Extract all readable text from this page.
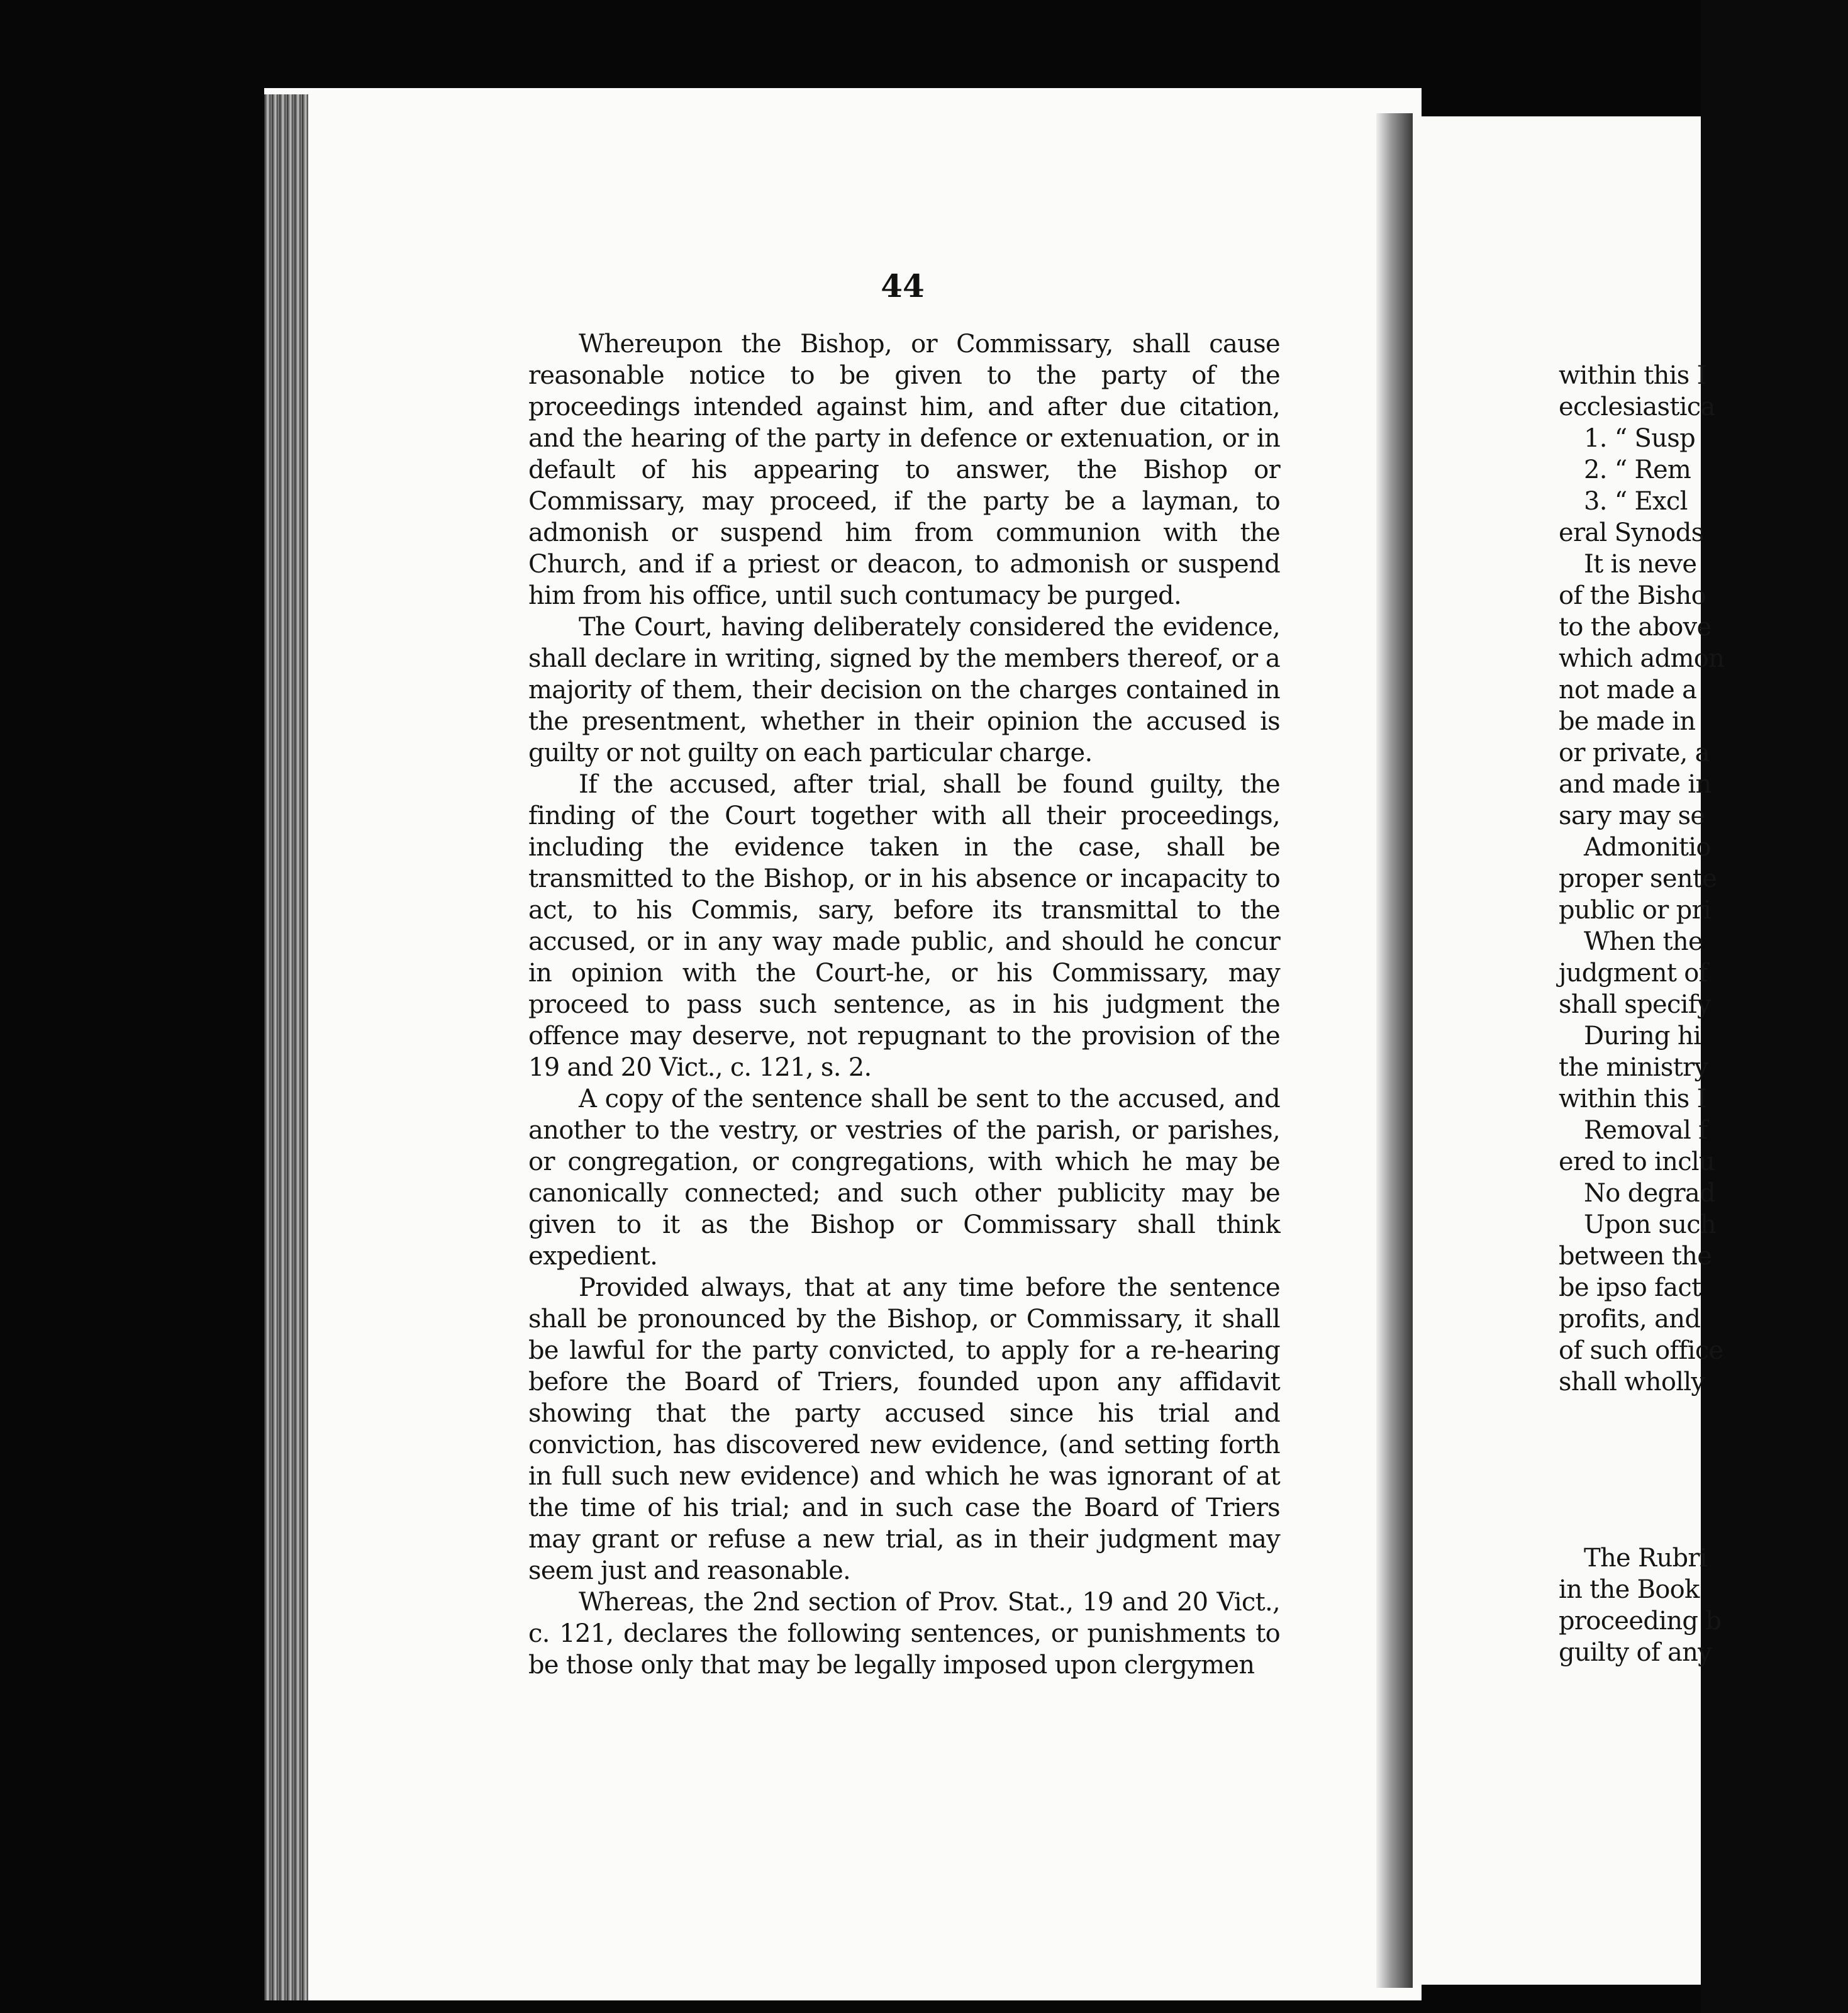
44

Whereupon the Bishop, or Commissary, shall cause reasonable notice to be given to the party of the proceedings intended against him, and after due citation, and the hearing of the party in defence or extenuation, or in default of his appearing to answer, the Bishop or Commissary, may proceed, if the party be a layman, to admonish or suspend him from communion with the Church, and if a priest or deacon, to admonish or suspend him from his office, until such contumacy be purged.

The Court, having deliberately considered the evidence, shall declare in writing, signed by the members thereof, or a majority of them, their decision on the charges contained in the presentment, whether in their opinion the accused is guilty or not guilty on each particular charge.

If the accused, after trial, shall be found guilty, the finding of the Court together with all their proceedings, including the evidence taken in the case, shall be transmitted to the Bishop, or in his absence or incapacity to act, to his Commis, sary, before its transmittal to the accused, or in any way made public, and should he concur in opinion with the Court-he, or his Commissary, may proceed to pass such sentence, as in his judgment the offence may deserve, not repugnant to the provision of the 19 and 20 Vict., c. 121, s. 2.

A copy of the sentence shall be sent to the accused, and another to the vestry, or vestries of the parish, or parishes, or congregation, or congregations, with which he may be canonically connected; and such other publicity may be given to it as the Bishop or Commissary shall think expedient.

Provided always, that at any time before the sentence shall be pronounced by the Bishop, or Commissary, it shall be lawful for the party convicted, to apply for a re-hearing before the Board of Triers, founded upon any affidavit showing that the party accused since his trial and conviction, has discovered new evidence, (and setting forth in full such new evidence) and which he was ignorant of at the time of his trial; and in such case the Board of Triers may grant or refuse a new trial, as in their judgment may seem just and reasonable.

Whereas, the 2nd section of Prov. Stat., 19 and 20 Vict., c. 121, declares the following sentences, or punishments to be those only that may be legally imposed upon clergymen

within this I
ecclesiastica
1. “ Susp
2. “ Rem
3. “ Excl
eral Synods
It is neve
of the Bisho
to the above
which admon
not made a
be made in
or private, a
and made in
sary may se
Admonitio
proper sente
public or pri
When the
judgment of
shall specify
During hi
the ministry
within this I
Removal f
ered to inclu
No degrad
Upon such
between the
be ipso fact
profits, and
of such office
shall wholly
The Rubri
in the Book
proceeding b
guilty of any
